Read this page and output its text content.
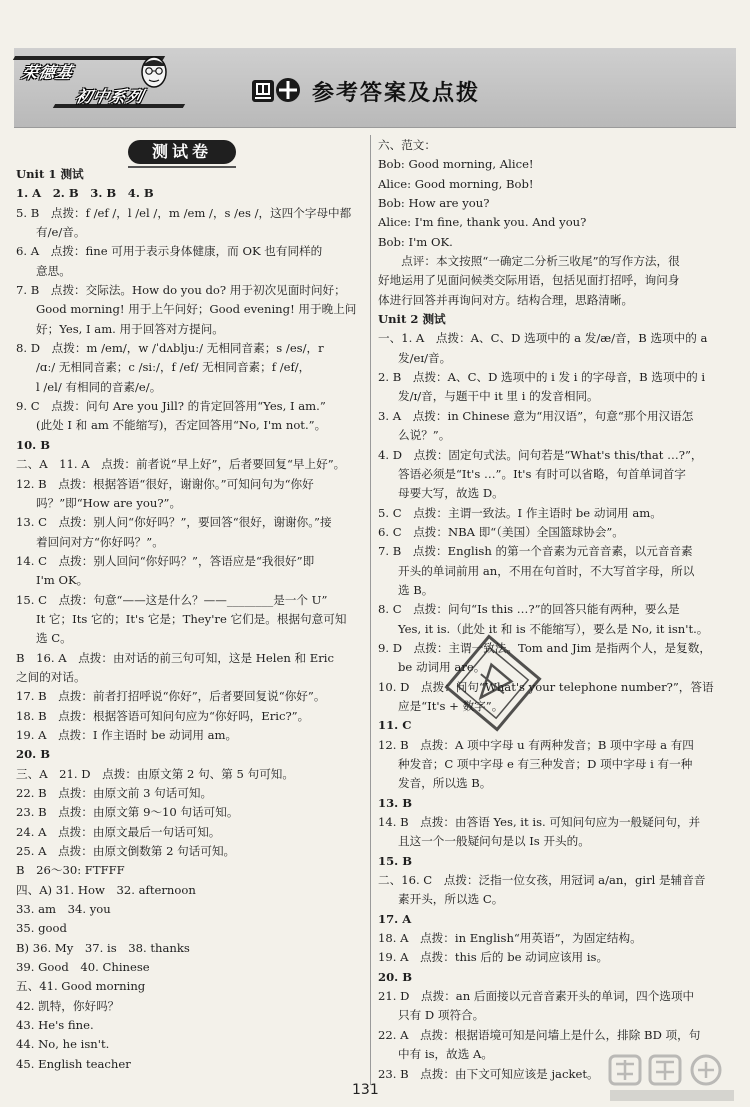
荣德基
初中系列	参考答案及点拨
测试卷
Unit 1 测试
1. A　2. B　3. B　4. B
5. B　点拨：f /ef /，l /el /，m /em /，s /es /，这四个字母中都
有/e/音。
6. A　点拨：fine 可用于表示身体健康，而 OK 也有同样的
意思。
7. B　点拨：交际法。How do you do? 用于初次见面时问好；
Good morning! 用于上午问好；Good evening! 用于晚上问
好；Yes, I am. 用于回答对方提问。
8. D　点拨：m /em/，w /ˈdʌbljuː/ 无相同音素；s /es/，r
/ɑː/ 无相同音素；c /siː/，f /ef/ 无相同音素；f /ef/，
l /el/ 有相同的音素/e/。
9. C　点拨：问句 Are you Jill? 的肯定回答用“Yes, I am.”
(此处 I 和 am 不能缩写)，否定回答用“No, I'm not.”。
10. B
二、A　11. A　点拨：前者说“早上好”，后者要回复“早上好”。
12. B　点拨：根据答语“很好，谢谢你。”可知问句为“你好
吗？”即“How are you?”。
13. C　点拨：别人问“你好吗？”，要回答“很好，谢谢你。”接
着回问对方“你好吗？”。
14. C　点拨：别人回问“你好吗？”，答语应是“我很好”即
I'm OK。
15. C　点拨：句意“——这是什么？——________是一个 U”
It 它；Its 它的；It's 它是；They're 它们是。根据句意可知
选 C。
B　16. A　点拨：由对话的前三句可知，这是 Helen 和 Eric
之间的对话。
17. B　点拨：前者打招呼说“你好”，后者要回复说“你好”。
18. B　点拨：根据答语可知问句应为“你好吗，Eric?”。
19. A　点拨：I 作主语时 be 动词用 am。
20. B
三、A　21. D　点拨：由原文第 2 句、第 5 句可知。
22. B　点拨：由原文前 3 句话可知。
23. B　点拨：由原文第 9～10 句话可知。
24. A　点拨：由原文最后一句话可知。
25. A　点拨：由原文倒数第 2 句话可知。
B　26～30: FTFFF
四、A) 31. How　32. afternoon
33. am　34. you
35. good
B) 36. My　37. is　38. thanks
39. Good　40. Chinese
五、41. Good morning
42. 凯特，你好吗？
43. He's fine.
44. No, he isn't.
45. English teacher
六、范文：
Bob: Good morning, Alice!
Alice: Good morning, Bob!
Bob: How are you?
Alice: I'm fine, thank you. And you?
Bob: I'm OK.
　　点评：本文按照“一确定二分析三收尾”的写作方法，很
好地运用了见面问候类交际用语，包括见面打招呼，询问身
体进行回答并再询问对方。结构合理，思路清晰。
Unit 2 测试
一、1. A　点拨：A、C、D 选项中的 a 发/æ/音，B 选项中的 a
发/eɪ/音。
2. B　点拨：A、C、D 选项中的 i 发 i 的字母音，B 选项中的 i
发/ɪ/音，与题干中 it 里 i 的发音相同。
3. A　点拨：in Chinese 意为“用汉语”，句意“那个用汉语怎
么说？”。
4. D　点拨：固定句式法。问句若是“What's this/that …?”，
答语必须是“It's …”。It's 有时可以省略，句首单词首字
母要大写，故选 D。
5. C　点拨：主谓一致法。I 作主语时 be 动词用 am。
6. C　点拨：NBA 即“（美国）全国篮球协会”。
7. B　点拨：English 的第一个音素为元音音素，以元音音素
开头的单词前用 an，不用在句首时，不大写首字母，所以
选 B。
8. C　点拨：问句“Is this …?”的回答只能有两种，要么是
Yes, it is.（此处 it 和 is 不能缩写），要么是 No, it isn't.。
9. D　点拨：主谓一致法。Tom and Jim 是指两个人，是复数，
be 动词用 are。
10. D　点拨：问句“What's your telephone number?”，答语
应是“It's + 数字”。
11. C
12. B　点拨：A 项中字母 u 有两种发音；B 项中字母 a 有四
种发音；C 项中字母 e 有三种发音；D 项中字母 i 有一种
发音，所以选 B。
13. B
14. B　点拨：由答语 Yes, it is. 可知问句应为一般疑问句，并
且这一个一般疑问句是以 Is 开头的。
15. B
二、16. C　点拨：泛指一位女孩，用冠词 a/an，girl 是辅音音
素开头，所以选 C。
17. A
18. A　点拨：in English“用英语”，为固定结构。
19. A　点拨：this 后的 be 动词应该用 is。
20. B
21. D　点拨：an 后面接以元音音素开头的单词，四个选项中
只有 D 项符合。
22. A　点拨：根据语境可知是问墙上是什么，排除 BD 项，句
中有 is，故选 A。
23. B　点拨：由下文可知应该是 jacket。
131
